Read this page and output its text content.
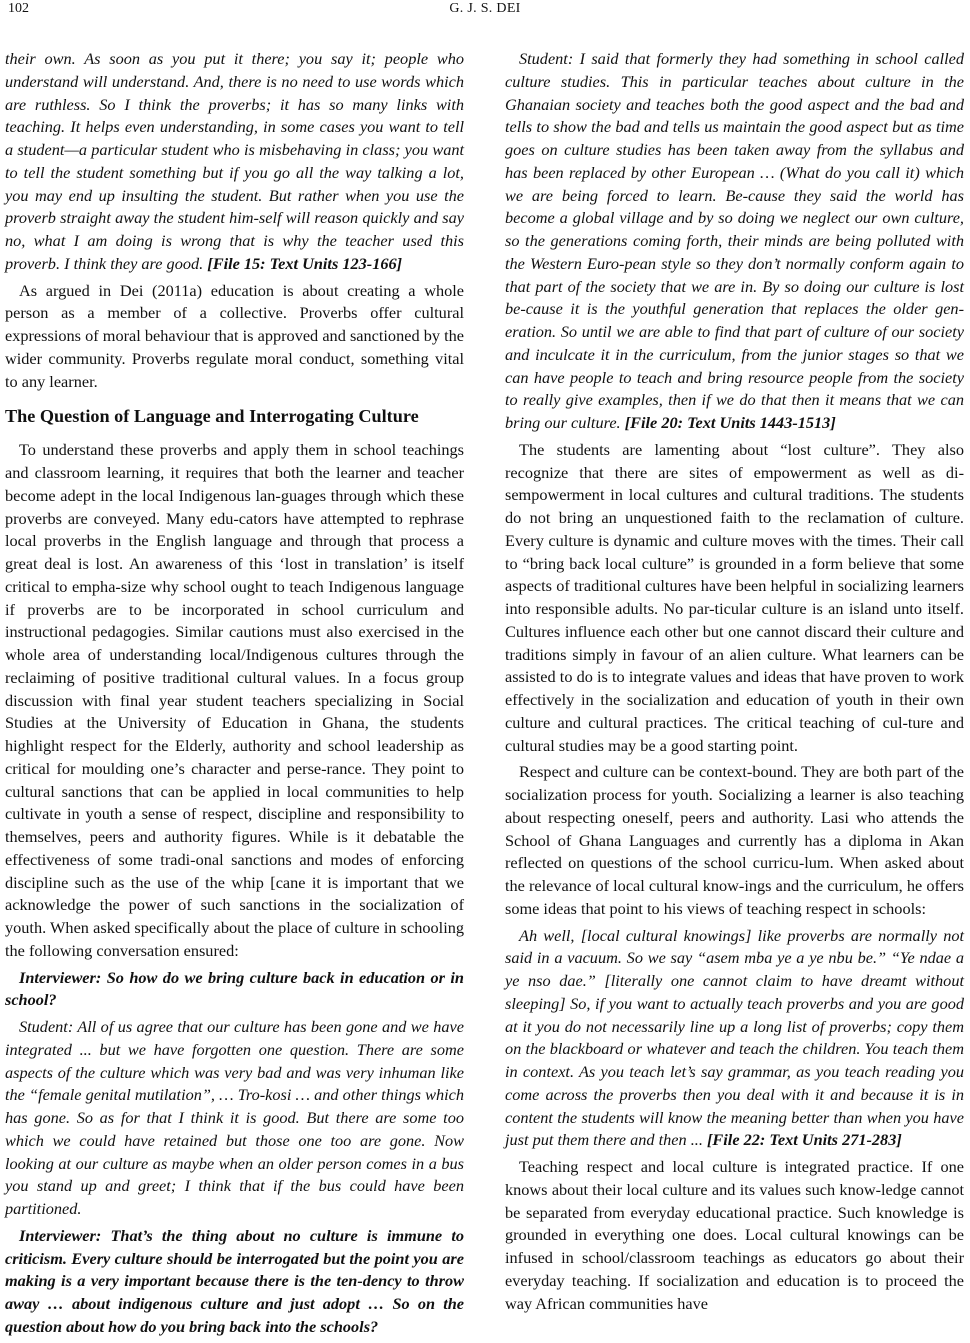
102	G. J. S. DEI

their own. As soon as you put it there; you say it; people who understand will understand. And, there is no need to use words which are ruthless. So I think the proverbs; it has so many links with teaching. It helps even understanding, in some cases you want to tell a student—a particular student who is misbehaving in class; you want to tell the student something but if you go all the way talking a lot, you may end up insulting the student. But rather when you use the proverb straight away the student him-self will reason quickly and say no, what I am doing is wrong that is why the teacher used this proverb. I think they are good. [File 15: Text Units 123-166]

As argued in Dei (2011a) education is about creating a whole person as a member of a collective. Proverbs offer cultural expressions of moral behaviour that is approved and sanctioned by the wider community. Proverbs regulate moral conduct, something vital to any learner.

The Question of Language and Interrogating Culture

To understand these proverbs and apply them in school teachings and classroom learning, it requires that both the learner and teacher become adept in the local Indigenous lan-guages through which these proverbs are conveyed. Many edu-cators have attempted to rephrase local proverbs in the English language and through that process a great deal is lost. An awareness of this ‘lost in translation’ is itself critical to empha-size why school ought to teach Indigenous language if proverbs are to be incorporated in school curriculum and instructional pedagogies. Similar cautions must also exercised in the whole area of understanding local/Indigenous cultures through the reclaiming of positive traditional cultural values. In a focus group discussion with final year student teachers specializing in Social Studies at the University of Education in Ghana, the students highlight respect for the Elderly, authority and school leadership as critical for moulding one’s character and perse-rance. They point to cultural sanctions that can be applied in local communities to help cultivate in youth a sense of respect, discipline and responsibility to themselves, peers and authority figures. While is it debatable the effectiveness of some tradi-onal sanctions and modes of enforcing discipline such as the use of the whip [cane it is important that we acknowledge the power of such sanctions in the socialization of youth. When asked specifically about the place of culture in schooling the following conversation ensured:

Interviewer: So how do we bring culture back in education or in school?

Student: All of us agree that our culture has been gone and we have integrated ... but we have forgotten one question. There are some aspects of the culture which was very bad and was very inhuman like the “female genital mutilation”, … Tro-kosi … and other things which has gone. So as for that I think it is good. But there are some too which we could have retained but those one too are gone. Now looking at our culture as maybe when an older person comes in a bus you stand up and greet; I think that if the bus could have been partitioned.

Interviewer: That’s the thing about no culture is immune to criticism. Every culture should be interrogated but the point you are making is a very important because there is the ten-dency to throw away … about indigenous culture and just adopt … So on the question about how do you bring back into the schools?

Student: I said that formerly they had something in school called culture studies. This in particular teaches about culture in the Ghanaian society and teaches both the good aspect and the bad and tells to show the bad and tells us maintain the good aspect but as time goes on culture studies has been taken away from the syllabus and has been replaced by other European … (What do you call it) which we are being forced to learn. Be-cause they said the world has become a global village and by so doing we neglect our own culture, so the generations coming forth, their minds are being polluted with the Western Euro-pean style so they don’t normally conform again to that part of the society that we are in. By so doing our culture is lost be-cause it is the youthful generation that replaces the older gen-eration. So until we are able to find that part of culture of our society and inculcate it in the curriculum, from the junior stages so that we can have people to teach and bring resource people from the society to really give examples, then if we do that then it means that we can bring our culture. [File 20: Text Units 1443-1513]

The students are lamenting about “lost culture”. They also recognize that there are sites of empowerment as well as di-sempowerment in local cultures and cultural traditions. The students do not bring an unquestioned faith to the reclamation of culture. Every culture is dynamic and culture moves with the times. Their call to “bring back local culture” is grounded in a form believe that some aspects of traditional cultures have been helpful in socializing learners into responsible adults. No par-ticular culture is an island unto itself. Cultures influence each other but one cannot discard their culture and traditions simply in favour of an alien culture. What learners can be assisted to do is to integrate values and ideas that have proven to work effectively in the socialization and education of youth in their own culture and cultural practices. The critical teaching of cul-ture and cultural studies may be a good starting point.

Respect and culture can be context-bound. They are both part of the socialization process for youth. Socializing a learner is also teaching about respecting oneself, peers and authority. Lasi who attends the School of Ghana Languages and currently has a diploma in Akan reflected on questions of the school curricu-lum. When asked about the relevance of local cultural know-ings and the curriculum, he offers some ideas that point to his views of teaching respect in schools:

Ah well, [local cultural knowings] like proverbs are normally not said in a vacuum. So we say “asem mba ye a ye nbu be.” “Ye ndae a ye nso dae.” [literally one cannot claim to have dreamt without sleeping] So, if you want to actually teach proverbs and you are good at it you do not necessarily line up a long list of proverbs; copy them on the blackboard or whatever and teach the children. You teach them in context. As you teach let’s say grammar, as you teach reading you come across the proverbs then you deal with it and because it is in content the students will know the meaning better than when you have just put them there and then ... [File 22: Text Units 271-283]

Teaching respect and local culture is integrated practice. If one knows about their local culture and its values such know-ledge cannot be separated from everyday educational practice. Such knowledge is grounded in everything one does. Local cultural knowings can be infused in school/classroom teachings as educators go about their everyday teaching. If socialization and education is to proceed the way African communities have
